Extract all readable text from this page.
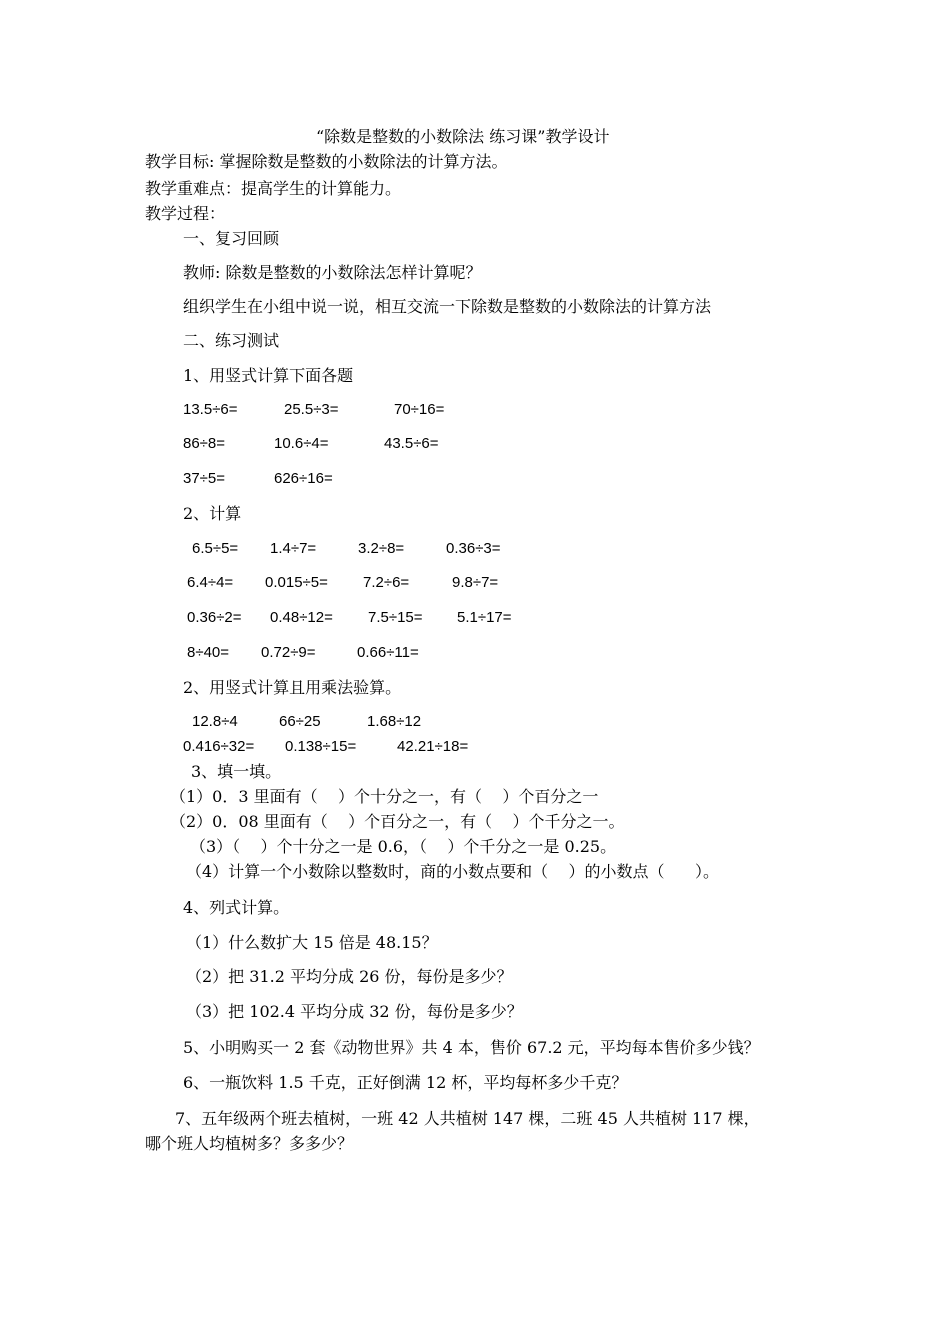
“除数是整数的小数除法 练习课”教学设计
教学目标: 掌握除数是整数的小数除法的计算方法。
教学重难点：提高学生的计算能力。
教学过程：
一、复习回顾
教师: 除数是整数的小数除法怎样计算呢？
组织学生在小组中说一说，相互交流一下除数是整数的小数除法的计算方法
二、练习测试
1、用竖式计算下面各题
13.5÷6=	25.5÷3=	70÷16=
86÷8=	10.6÷4=	43.5÷6=
37÷5=	626÷16=
2、计算
6.5÷5= 1.4÷7=	3.2÷8=	0.36÷3=
6.4÷4= 0.015÷5= 7.2÷6=	9.8÷7=
0.36÷2= 0.48÷12= 7.5÷15= 5.1÷17=
8÷40= 0.72÷9=	0.66÷11=
2、用竖式计算且用乘法验算。
12.8÷4	66÷25	1.68÷12
0.416÷32= 0.138÷15=	42.21÷18=
3、填一填。
（1）0．3 里面有（    ）个十分之一，有（    ）个百分之一
（2）0．08 里面有（    ）个百分之一，有（    ）个千分之一。
（3）（    ）个十分之一是 0.6，（    ）个千分之一是 0.25。
（4）计算一个小数除以整数时，商的小数点要和（    ）的小数点（      ）。
4、列式计算。
（1）什么数扩大 15 倍是 48.15？
（2）把 31.2 平均分成 26 份，每份是多少？
（3）把 102.4 平均分成 32 份，每份是多少？
5、小明购买一 2 套《动物世界》共 4 本，售价 67.2 元，平均每本售价多少钱？
6、一瓶饮料 1.5 千克，正好倒满 12 杯，平均每杯多少千克？
7、五年级两个班去植树，一班 42 人共植树 147 棵，二班 45 人共植树 117 棵，
哪个班人均植树多？多多少？
